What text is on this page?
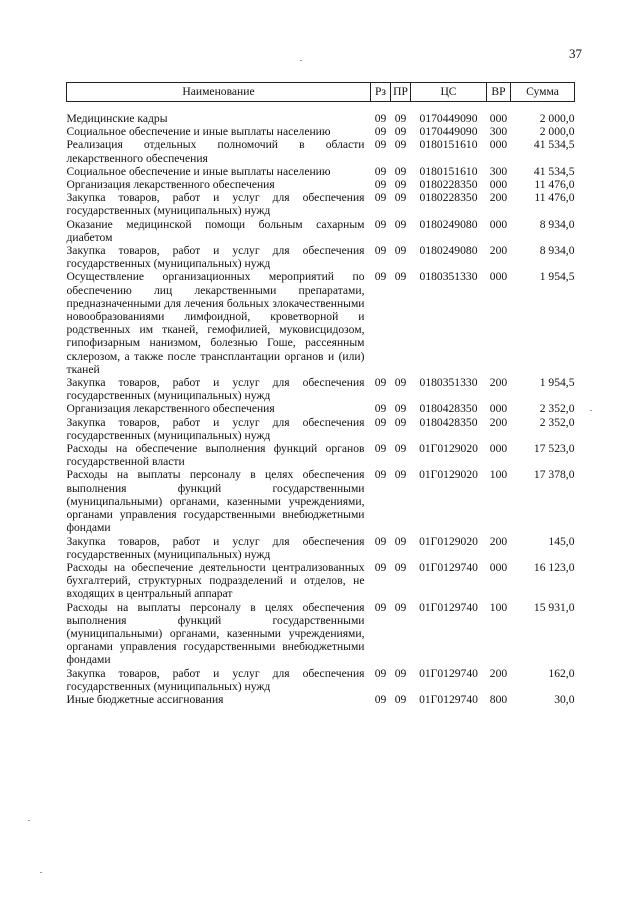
37
Наименование	Рз	ПР	ЦС	ВР	Сумма
Медицинские кадры	09	09	0170449090	000	2 000,0
Социальное обеспечение и иные выплаты населению	09	09	0170449090	300	2 000,0
Реализация отдельных полномочий в области лекарственного обеспечения	09	09	0180151610	000	41 534,5
Социальное обеспечение и иные выплаты населению	09	09	0180151610	300	41 534,5
Организация лекарственного обеспечения	09	09	0180228350	000	11 476,0
Закупка товаров, работ и услуг для обеспечения государственных (муниципальных) нужд	09	09	0180228350	200	11 476,0
Оказание медицинской помощи больным сахарным диабетом	09	09	0180249080	000	8 934,0
Закупка товаров, работ и услуг для обеспечения государственных (муниципальных) нужд	09	09	0180249080	200	8 934,0
Осуществление организационных мероприятий по обеспечению лиц лекарственными препаратами, предназначенными для лечения больных злокачественными новообразованиями лимфоидной, кроветворной и родственных им тканей, гемофилией, муковисцидозом, гипофизарным нанизмом, болезнью Гоше, рассеянным склерозом, а также после трансплантации органов и (или) тканей	09	09	0180351330	000	1 954,5
Закупка товаров, работ и услуг для обеспечения государственных (муниципальных) нужд	09	09	0180351330	200	1 954,5
Организация лекарственного обеспечения	09	09	0180428350	000	2 352,0
Закупка товаров, работ и услуг для обеспечения государственных (муниципальных) нужд	09	09	0180428350	200	2 352,0
Расходы на обеспечение выполнения функций органов государственной власти	09	09	01Г0129020	000	17 523,0
Расходы на выплаты персоналу в целях обеспечения выполнения функций государственными (муниципальными) органами, казенными учреждениями, органами управления государственными внебюджетными фондами	09	09	01Г0129020	100	17 378,0
Закупка товаров, работ и услуг для обеспечения государственных (муниципальных) нужд	09	09	01Г0129020	200	145,0
Расходы на обеспечение деятельности централизованных бухгалтерий, структурных подразделений и отделов, не входящих в центральный аппарат	09	09	01Г0129740	000	16 123,0
Расходы на выплаты персоналу в целях обеспечения выполнения функций государственными (муниципальными) органами, казенными учреждениями, органами управления государственными внебюджетными фондами	09	09	01Г0129740	100	15 931,0
Закупка товаров, работ и услуг для обеспечения государственных (муниципальных) нужд	09	09	01Г0129740	200	162,0
Иные бюджетные ассигнования	09	09	01Г0129740	800	30,0
